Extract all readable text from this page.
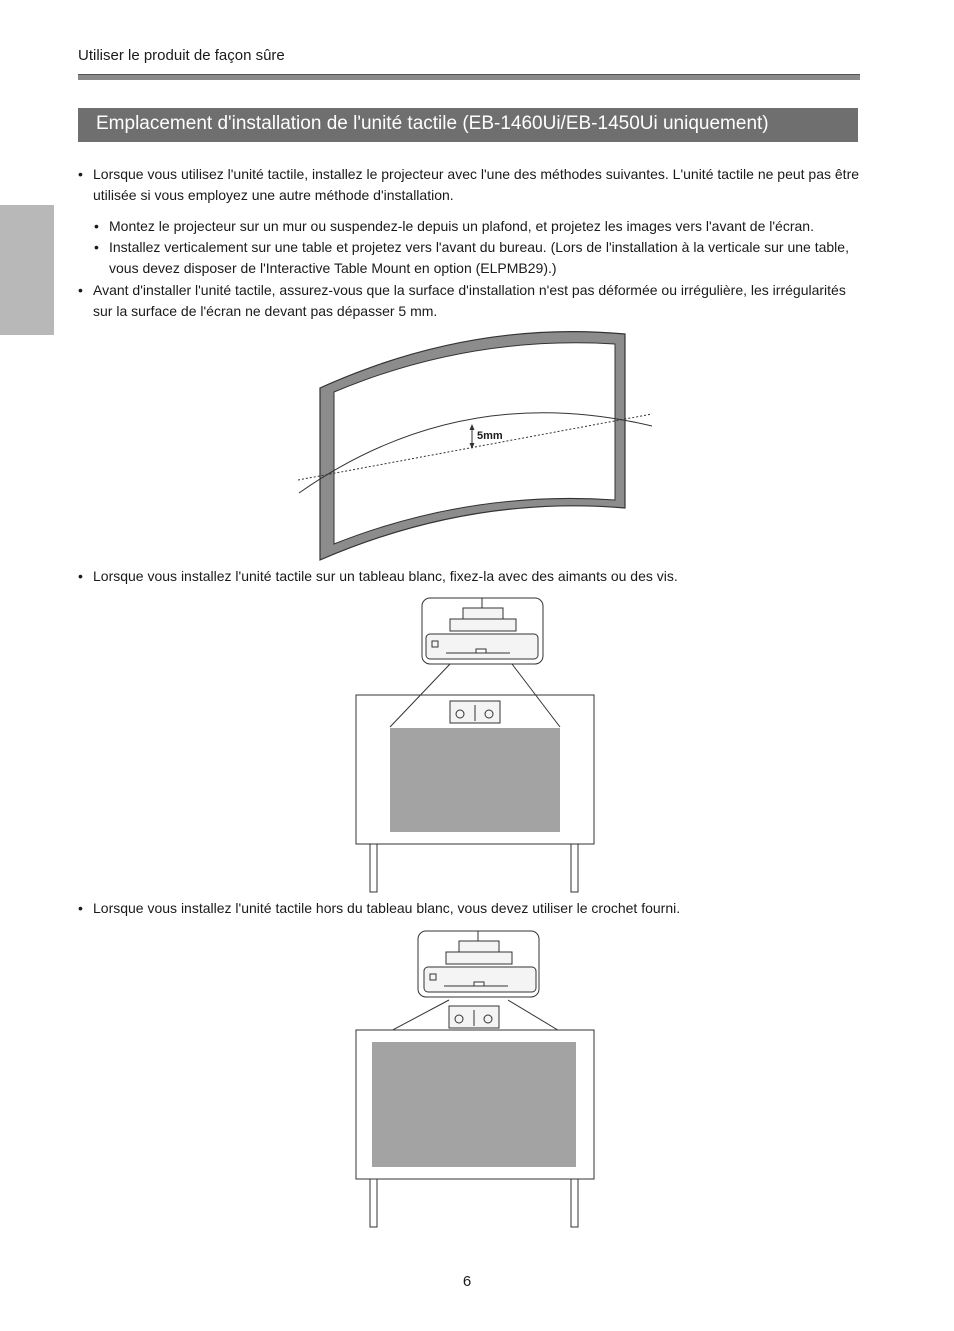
Utiliser le produit de façon sûre
Emplacement d'installation de l'unité tactile (EB-1460Ui/EB-1450Ui uniquement)
• Lorsque vous utilisez l'unité tactile, installez le projecteur avec l'une des méthodes suivantes. L'unité tactile ne peut pas être utilisée si vous employez une autre méthode d'installation.
• Montez le projecteur sur un mur ou suspendez-le depuis un plafond, et projetez les images vers l'avant de l'écran.
• Installez verticalement sur une table et projetez vers l'avant du bureau. (Lors de l'installation à la verticale sur une table, vous devez disposer de l'Interactive Table Mount en option (ELPMB29).)
• Avant d'installer l'unité tactile, assurez-vous que la surface d'installation n'est pas déformée ou irrégulière, les irrégularités sur la surface de l'écran ne devant pas dépasser 5 mm.
5mm
• Lorsque vous installez l'unité tactile sur un tableau blanc, fixez-la avec des aimants ou des vis.
• Lorsque vous installez l'unité tactile hors du tableau blanc, vous devez utiliser le crochet fourni.
6
